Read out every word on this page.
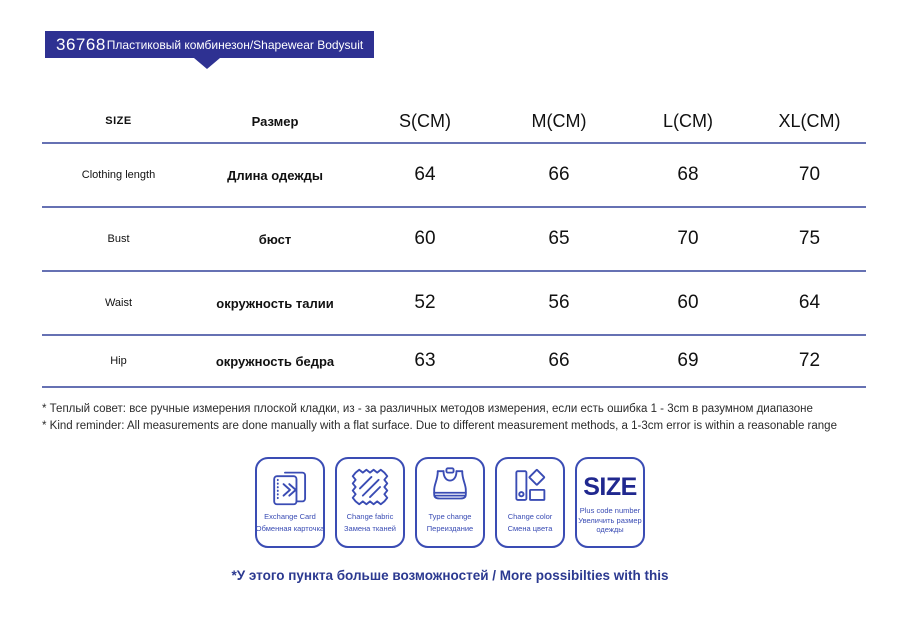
36768 Пластиковый комбинезон/Shapewear Bodysuit
SIZE	Размер	S(CM)	M(CM)	L(CM)	XL(CM)
Clothing length	Длина одежды	64	66	68	70
Bust	бюст	60	65	70	75
Waist	окружность талии	52	56	60	64
Hip	окружность бедра	63	66	69	72
* Теплый совет: все ручные измерения плоской кладки, из - за различных методов измерения, если есть ошибка 1 - 3cm в разумном диапазоне
* Kind reminder: All measurements are done manually with a flat surface. Due to different measurement methods, a 1-3cm error is within a reasonable range
Exchange Card
Обменная карточка
Change fabric
Замена тканей
Type change
Переиздание
Change color
Смена цвета
SIZE
Plus code number
Увеличить размер
одежды
*У этого пункта больше возможностей / More possibilties with this
